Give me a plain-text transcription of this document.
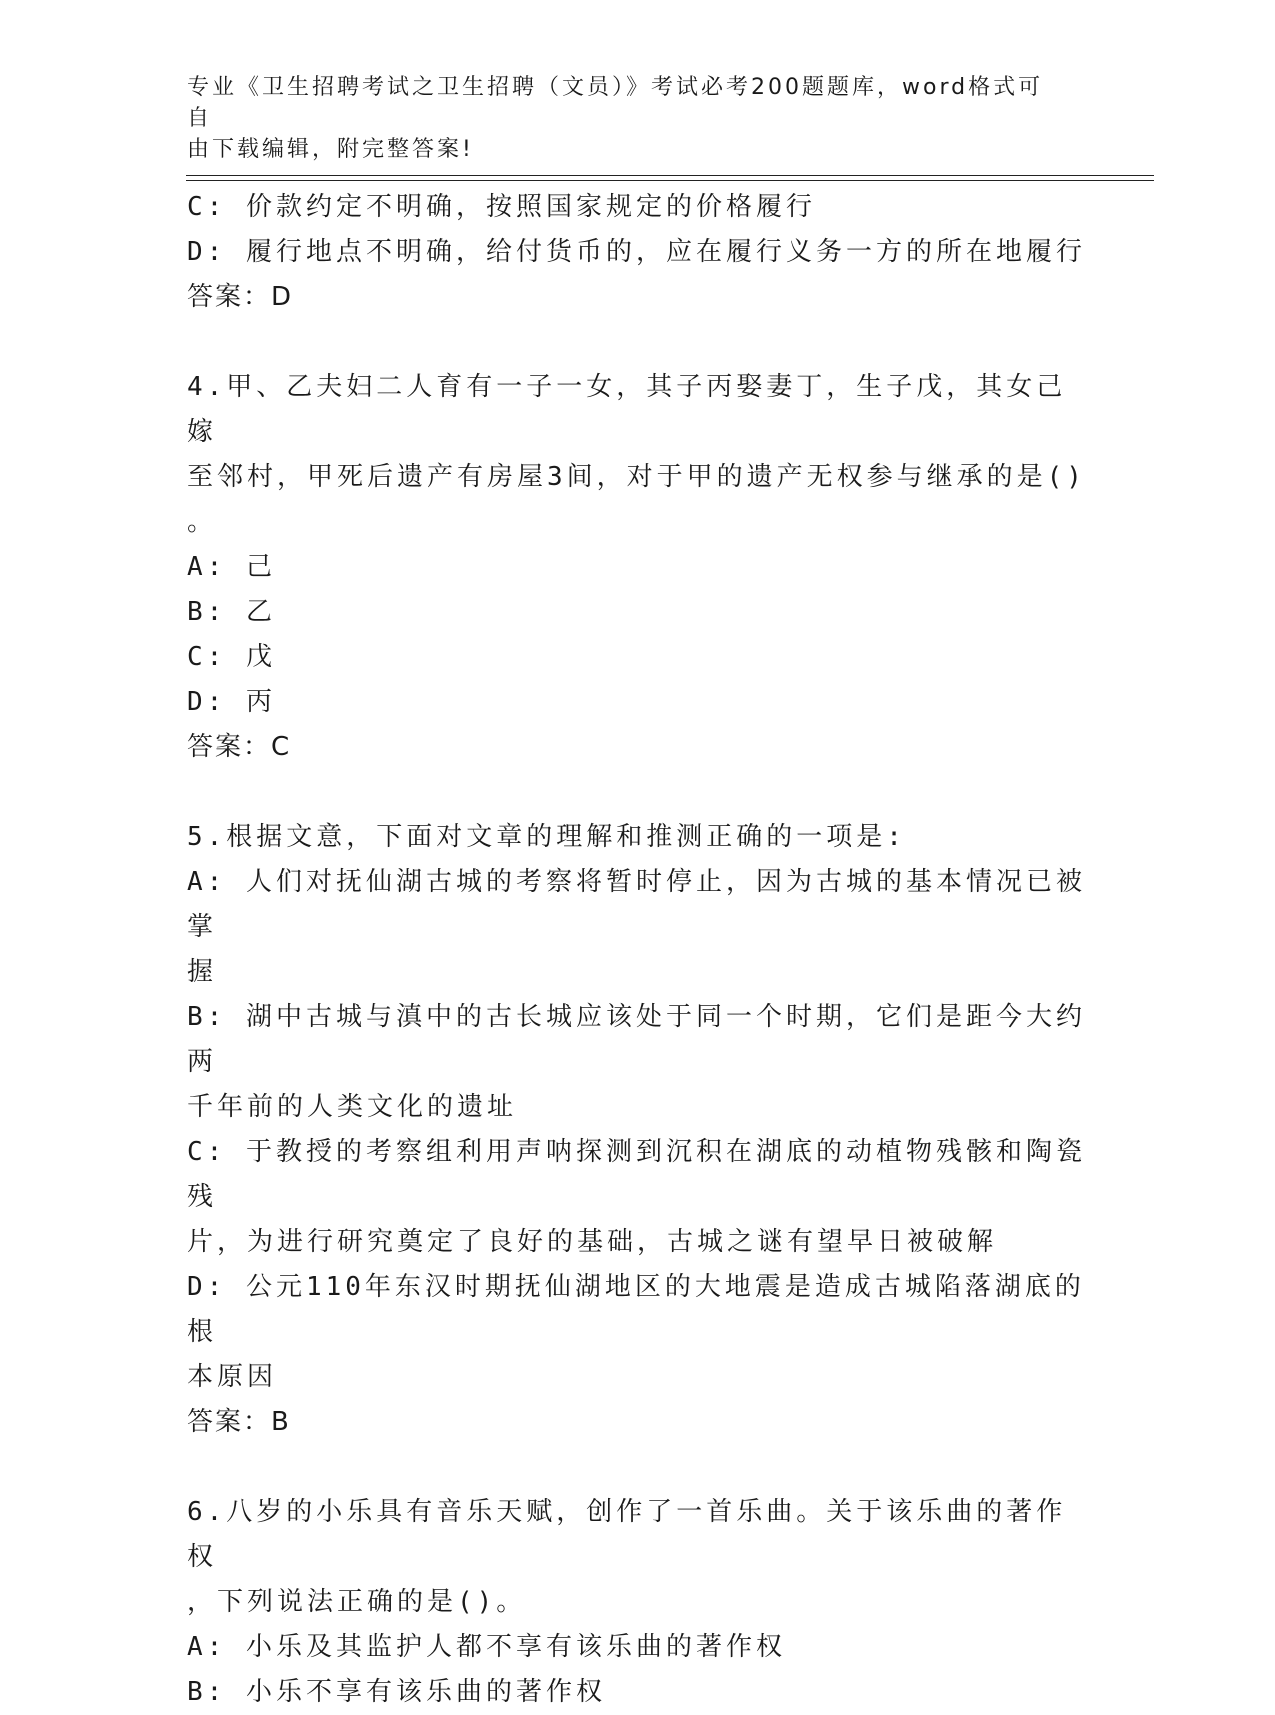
专业《卫生招聘考试之卫生招聘（文员）》考试必考200题题库，word格式可自
由下载编辑，附完整答案!
C: 价款约定不明确，按照国家规定的价格履行
D: 履行地点不明确，给付货币的，应在履行义务一方的所在地履行
答案：D
4.甲、乙夫妇二人育有一子一女，其子丙娶妻丁，生子戊，其女己嫁
至邻村，甲死后遗产有房屋3间，对于甲的遗产无权参与继承的是()
。
A: 己
B: 乙
C: 戊
D: 丙
答案：C
5.根据文意，下面对文章的理解和推测正确的一项是:
A: 人们对抚仙湖古城的考察将暂时停止，因为古城的基本情况已被掌
握
B: 湖中古城与滇中的古长城应该处于同一个时期，它们是距今大约两
千年前的人类文化的遗址
C: 于教授的考察组利用声呐探测到沉积在湖底的动植物残骸和陶瓷残
片，为进行研究奠定了良好的基础，古城之谜有望早日被破解
D: 公元110年东汉时期抚仙湖地区的大地震是造成古城陷落湖底的根
本原因
答案：B
6.八岁的小乐具有音乐天赋，创作了一首乐曲。关于该乐曲的著作权
，下列说法正确的是()。
A: 小乐及其监护人都不享有该乐曲的著作权
B: 小乐不享有该乐曲的著作权
